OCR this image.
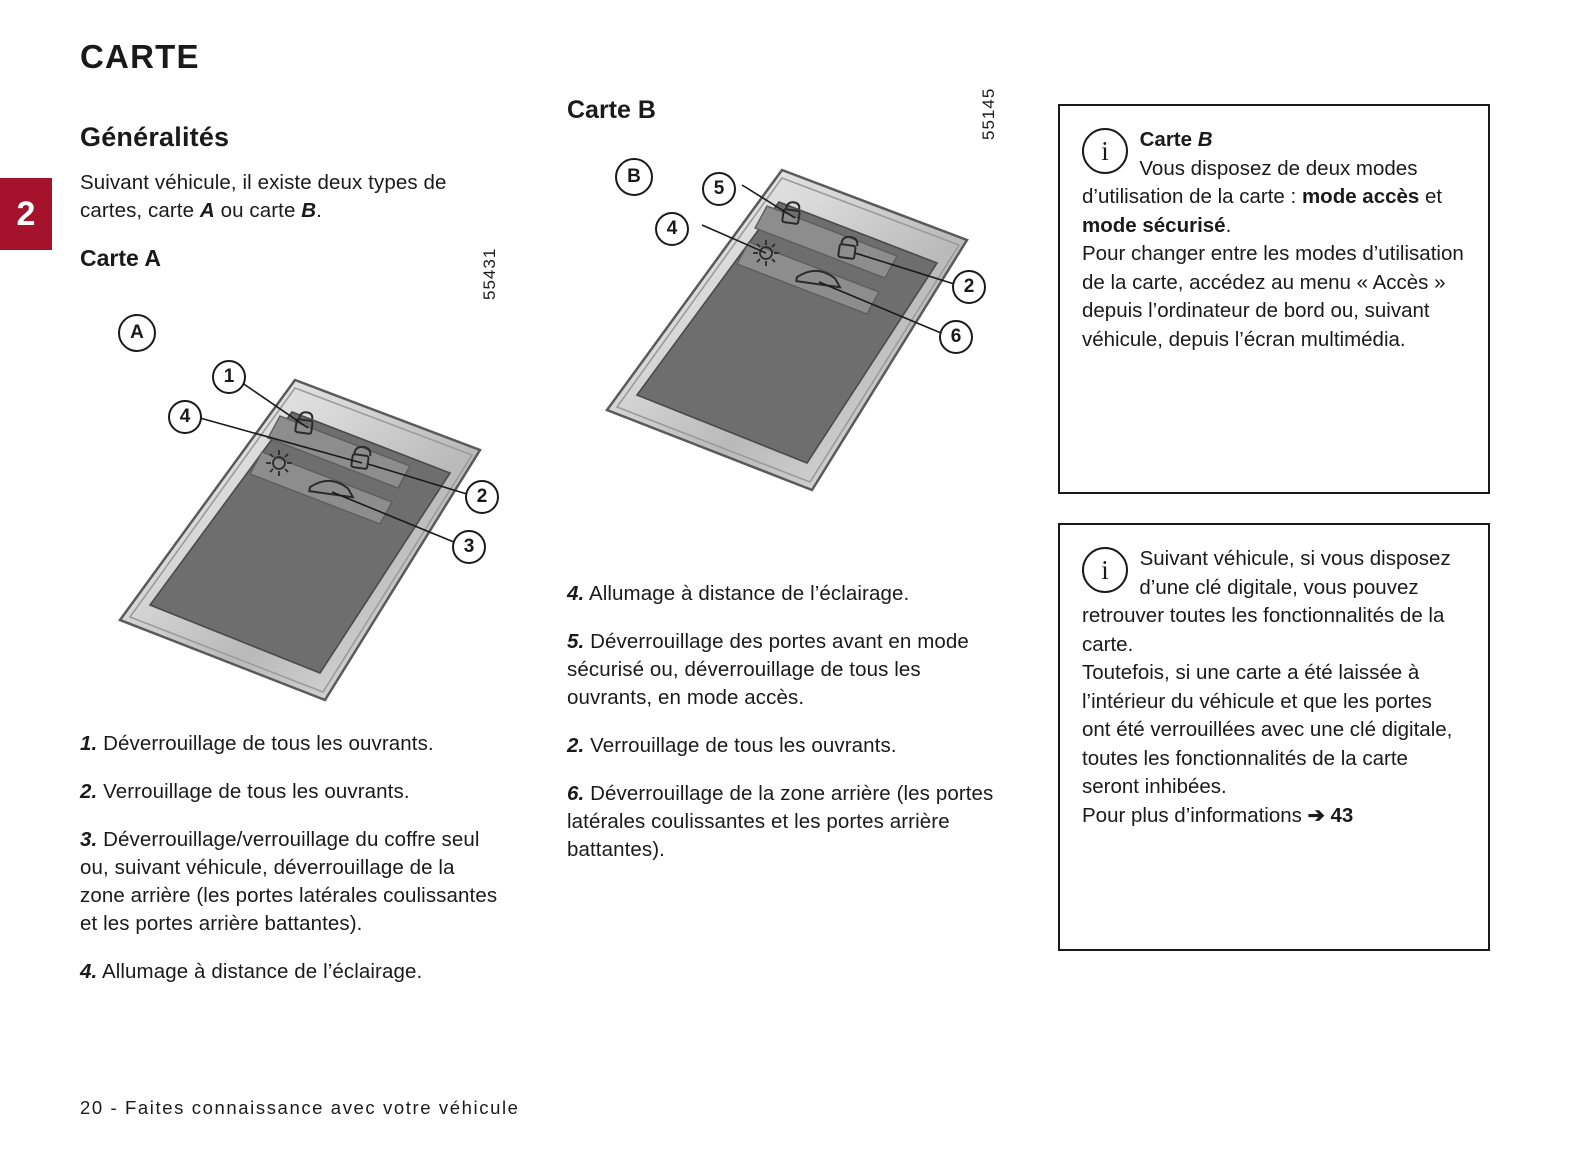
CARTE
2
Généralités

Suivant véhicule, il existe deux types de cartes, carte A ou carte B.

Carte A
A
55431
1
4
2
3

1. Déverrouillage de tous les ouvrants.

2. Verrouillage de tous les ouvrants.

3. Déverrouillage/verrouillage du coffre seul ou, suivant véhicule, déverrouillage de la zone arrière (les portes latérales coulissantes et les portes arrière battantes).

4. Allumage à distance de l’éclairage.

Carte B
B
55145
5
4
2
6

4. Allumage à distance de l’éclairage.

5. Déverrouillage des portes avant en mode sécurisé ou, déverrouillage de tous les ouvrants, en mode accès.

2. Verrouillage de tous les ouvrants.

6. Déverrouillage de la zone arrière (les portes latérales coulissantes et les portes arrière battantes).

i	Carte B

Vous disposez de deux modes d’utilisation de la carte : mode accès et mode sécurisé.

Pour changer entre les modes d’utilisation de la carte, accédez au menu « Accès » depuis l’ordinateur de bord ou, suivant véhicule, depuis l’écran multimédia.

i	Suivant véhicule, si vous disposez d’une clé digitale, vous pouvez retrouver toutes les fonctionnalités de la carte.

Toutefois, si une carte a été laissée à l’intérieur du véhicule et que les portes ont été verrouillées avec une clé digitale, toutes les fonctionnalités de la carte seront inhibées.

Pour plus d’informations ➔ 43

20 - Faites connaissance avec votre véhicule
